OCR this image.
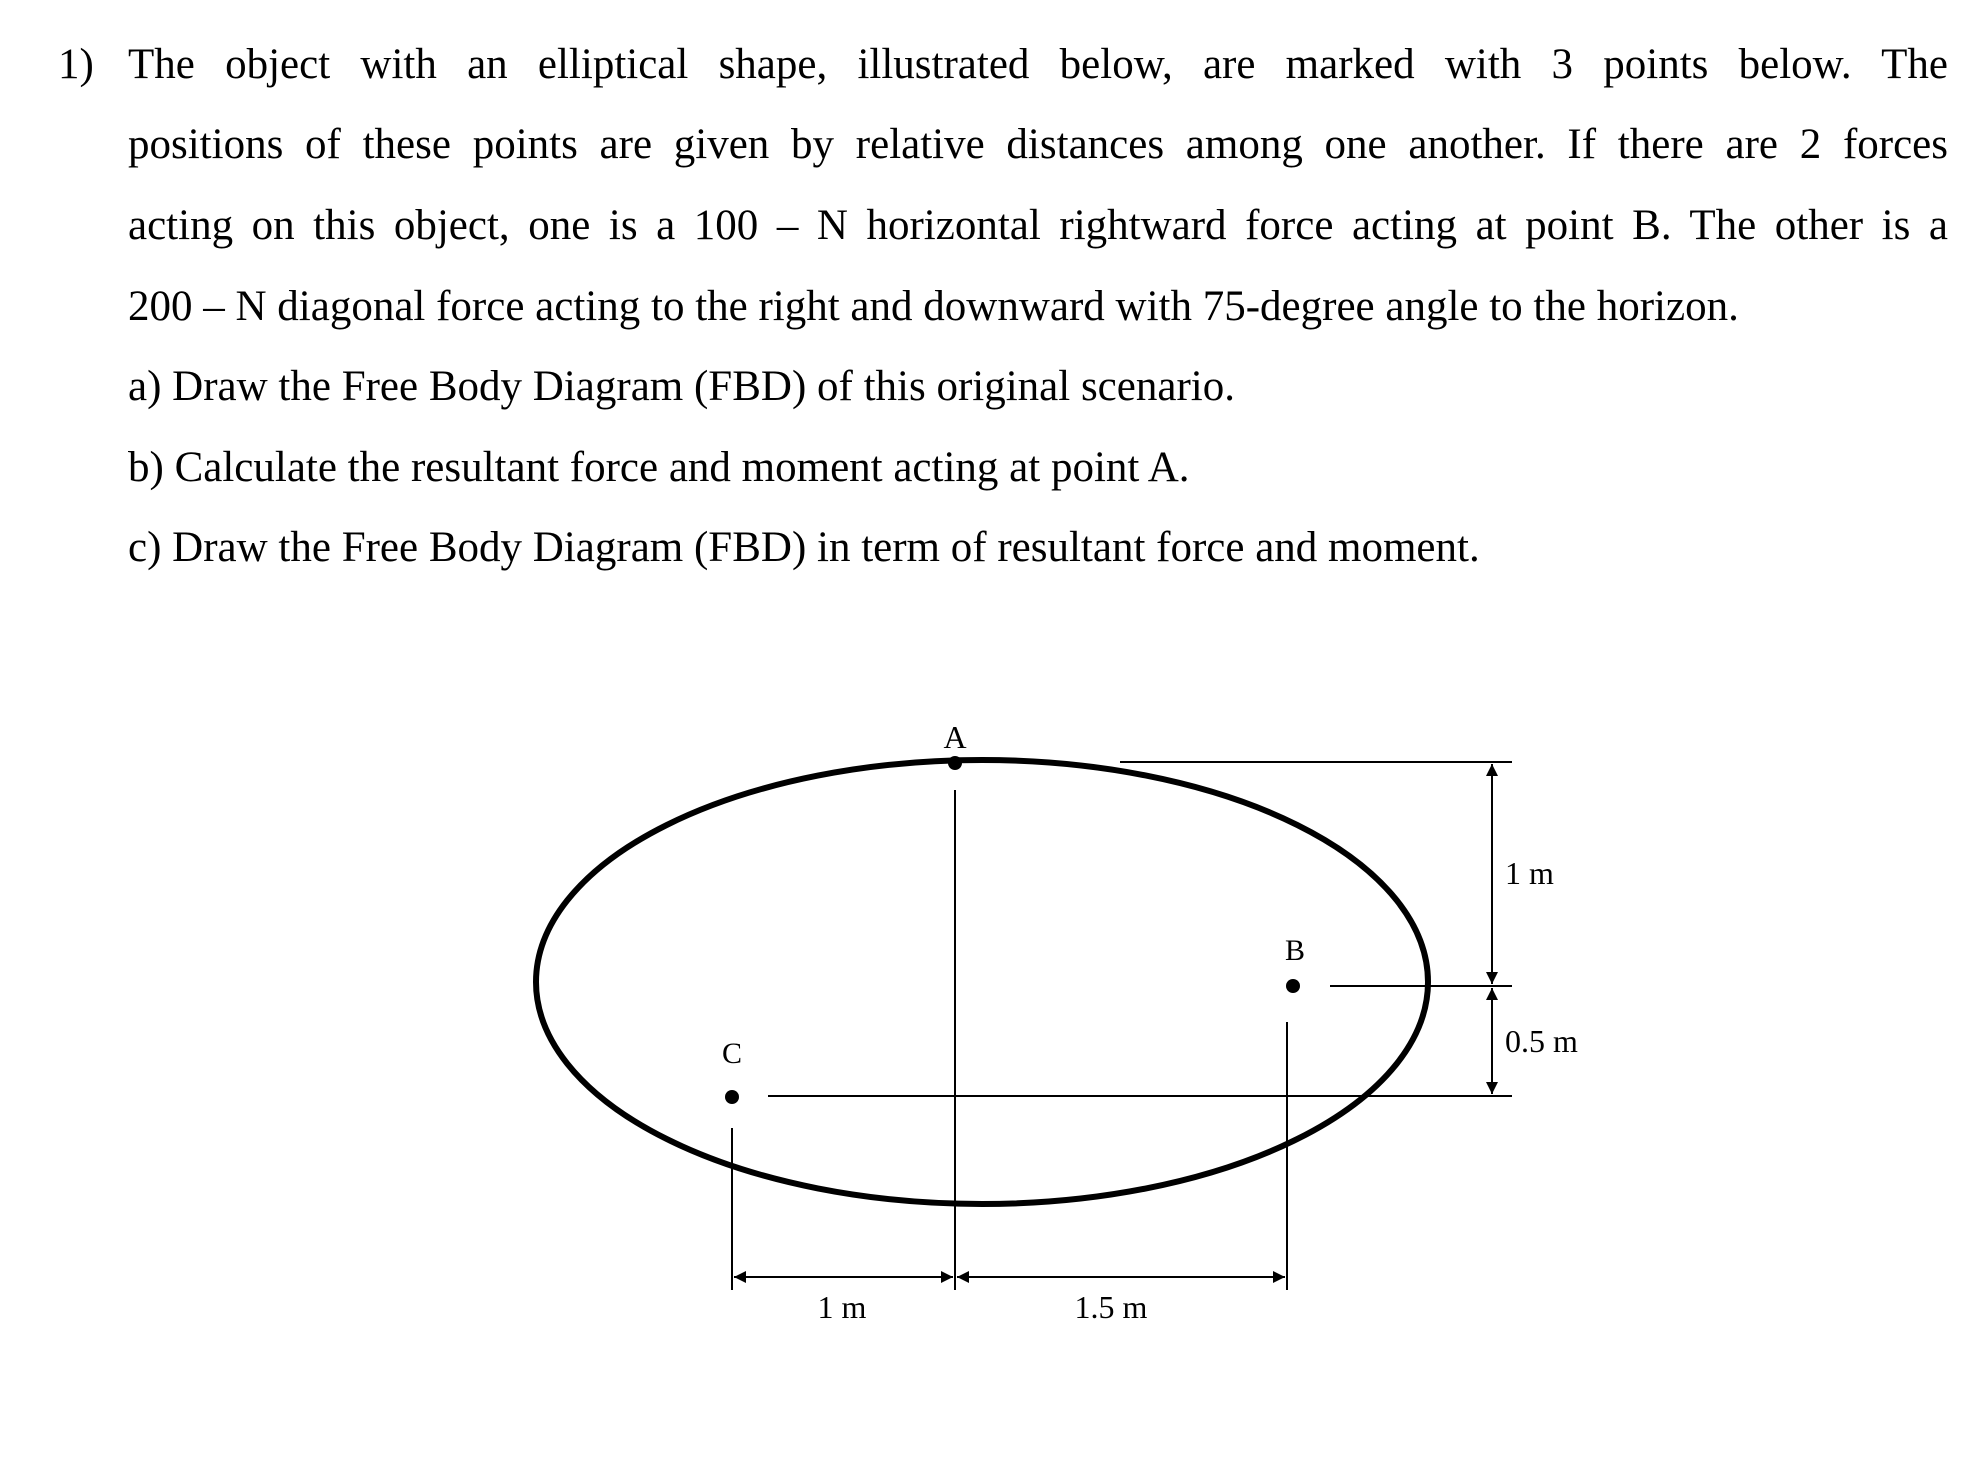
1) The object with an elliptical shape, illustrated below, are marked with 3 points below. The
positions of these points are given by relative distances among one another. If there are 2 forces
acting on this object, one is a 100 – N horizontal rightward force acting at point B. The other is a
200 – N diagonal force acting to the right and downward with 75-degree angle to the horizon.
a) Draw the Free Body Diagram (FBD) of this original scenario.
b) Calculate the resultant force and moment acting at point A.
c) Draw the Free Body Diagram (FBD) in term of resultant force and moment.
A
B
C
1 m	1.5 m
1 m
0.5 m
